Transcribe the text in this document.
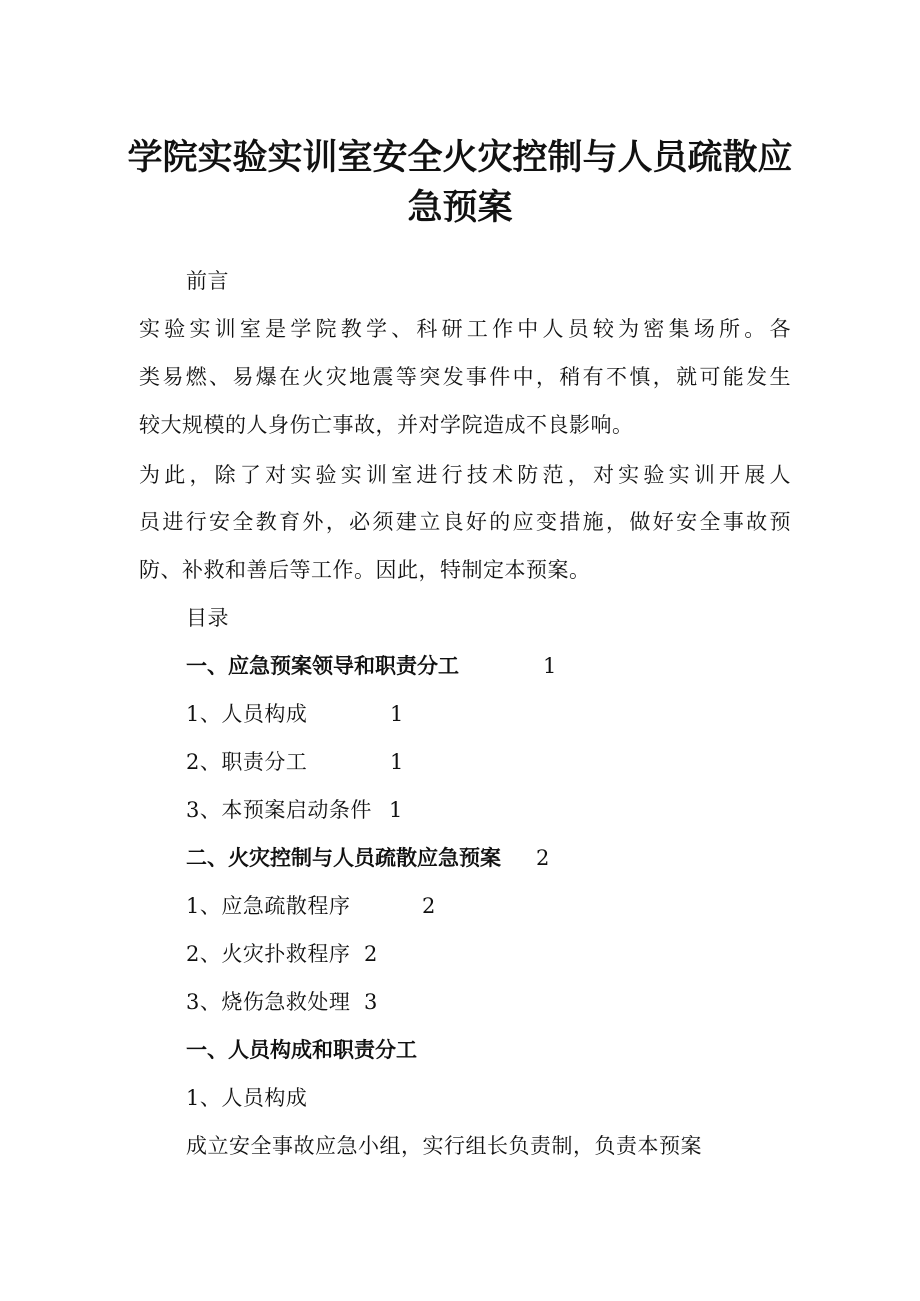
学院实验实训室安全火灾控制与人员疏散应
急预案
前言
实验实训室是学院教学、科研工作中人员较为密集场所。各
类易燃、易爆在火灾地震等突发事件中，稍有不慎，就可能发生
较大规模的人身伤亡事故，并对学院造成不良影响。
为此，除了对实验实训室进行技术防范，对实验实训开展人
员进行安全教育外，必须建立良好的应变措施，做好安全事故预
防、补救和善后等工作。因此，特制定本预案。
目录
一、应急预案领导和职责分工	1
1、人员构成	1
2、职责分工	1
3、本预案启动条件 1
二、火灾控制与人员疏散应急预案 2
1、应急疏散程序	2
2、火灾扑救程序 2
3、烧伤急救处理 3
一、人员构成和职责分工
1、人员构成
成立安全事故应急小组，实行组长负责制，负责本预案
